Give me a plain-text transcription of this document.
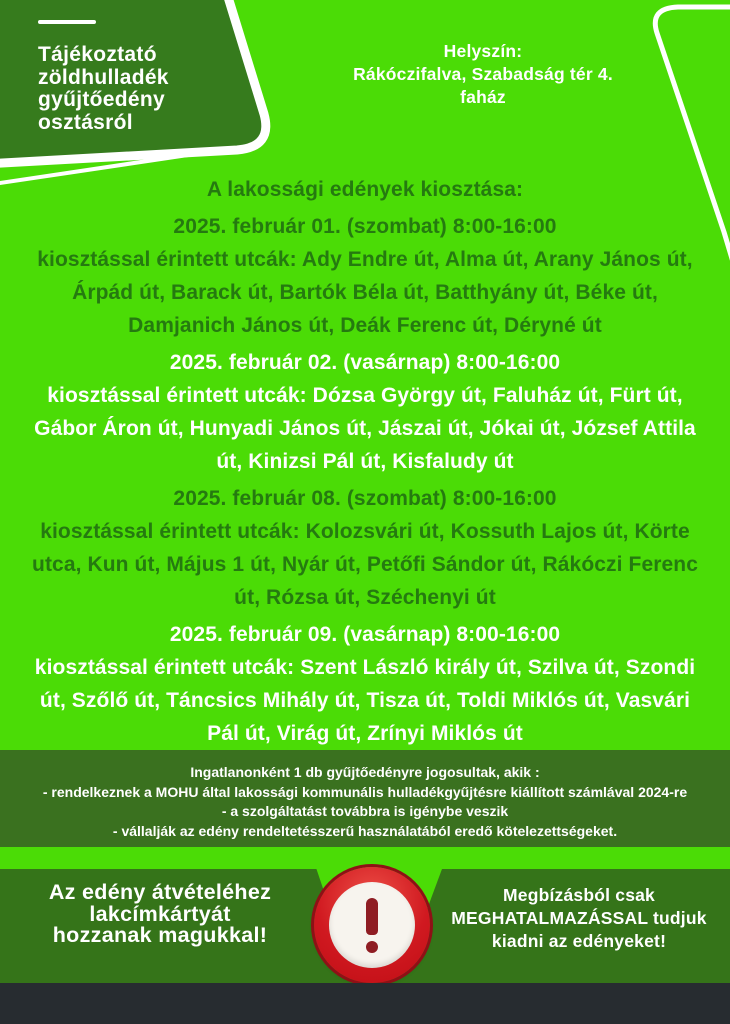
Tájékoztató
zöldhulladék
gyűjtőedény
osztásról
Helyszín:
Rákóczifalva, Szabadság tér 4.
faház
A lakossági edények kiosztása:
2025. február 01. (szombat) 8:00-16:00
kiosztással érintett utcák: Ady Endre út, Alma út, Arany János út, Árpád út, Barack út, Bartók Béla út, Batthyány út, Béke út, Damjanich János út, Deák Ferenc út, Déryné út
2025. február 02. (vasárnap) 8:00-16:00
kiosztással érintett utcák: Dózsa György út, Faluház út, Fürt út, Gábor Áron út, Hunyadi János út, Jászai út, Jókai út, József Attila út, Kinizsi Pál út, Kisfaludy út
2025. február 08. (szombat) 8:00-16:00
kiosztással érintett utcák: Kolozsvári út, Kossuth Lajos út, Körte utca, Kun út, Május 1 út, Nyár út, Petőfi Sándor út, Rákóczi Ferenc út, Rózsa út, Széchenyi út
2025. február 09. (vasárnap) 8:00-16:00
kiosztással érintett utcák: Szent László király út, Szilva út, Szondi út, Szőlő út, Táncsics Mihály út, Tisza út, Toldi Miklós út, Vasvári Pál út, Virág út, Zrínyi Miklós út
Ingatlanonként 1 db gyűjtőedényre jogosultak, akik :
- rendelkeznek a MOHU által lakossági kommunális hulladékgyűjtésre kiállított számlával 2024-re
- a szolgáltatást továbbra is igénybe veszik
- vállalják az edény rendeltetésszerű használatából eredő kötelezettségeket.
Az edény átvételéhez
lakcímkártyát
hozzanak magukkal!
Megbízásból csak
MEGHATALMAZÁSSAL tudjuk
kiadni az edényeket!
